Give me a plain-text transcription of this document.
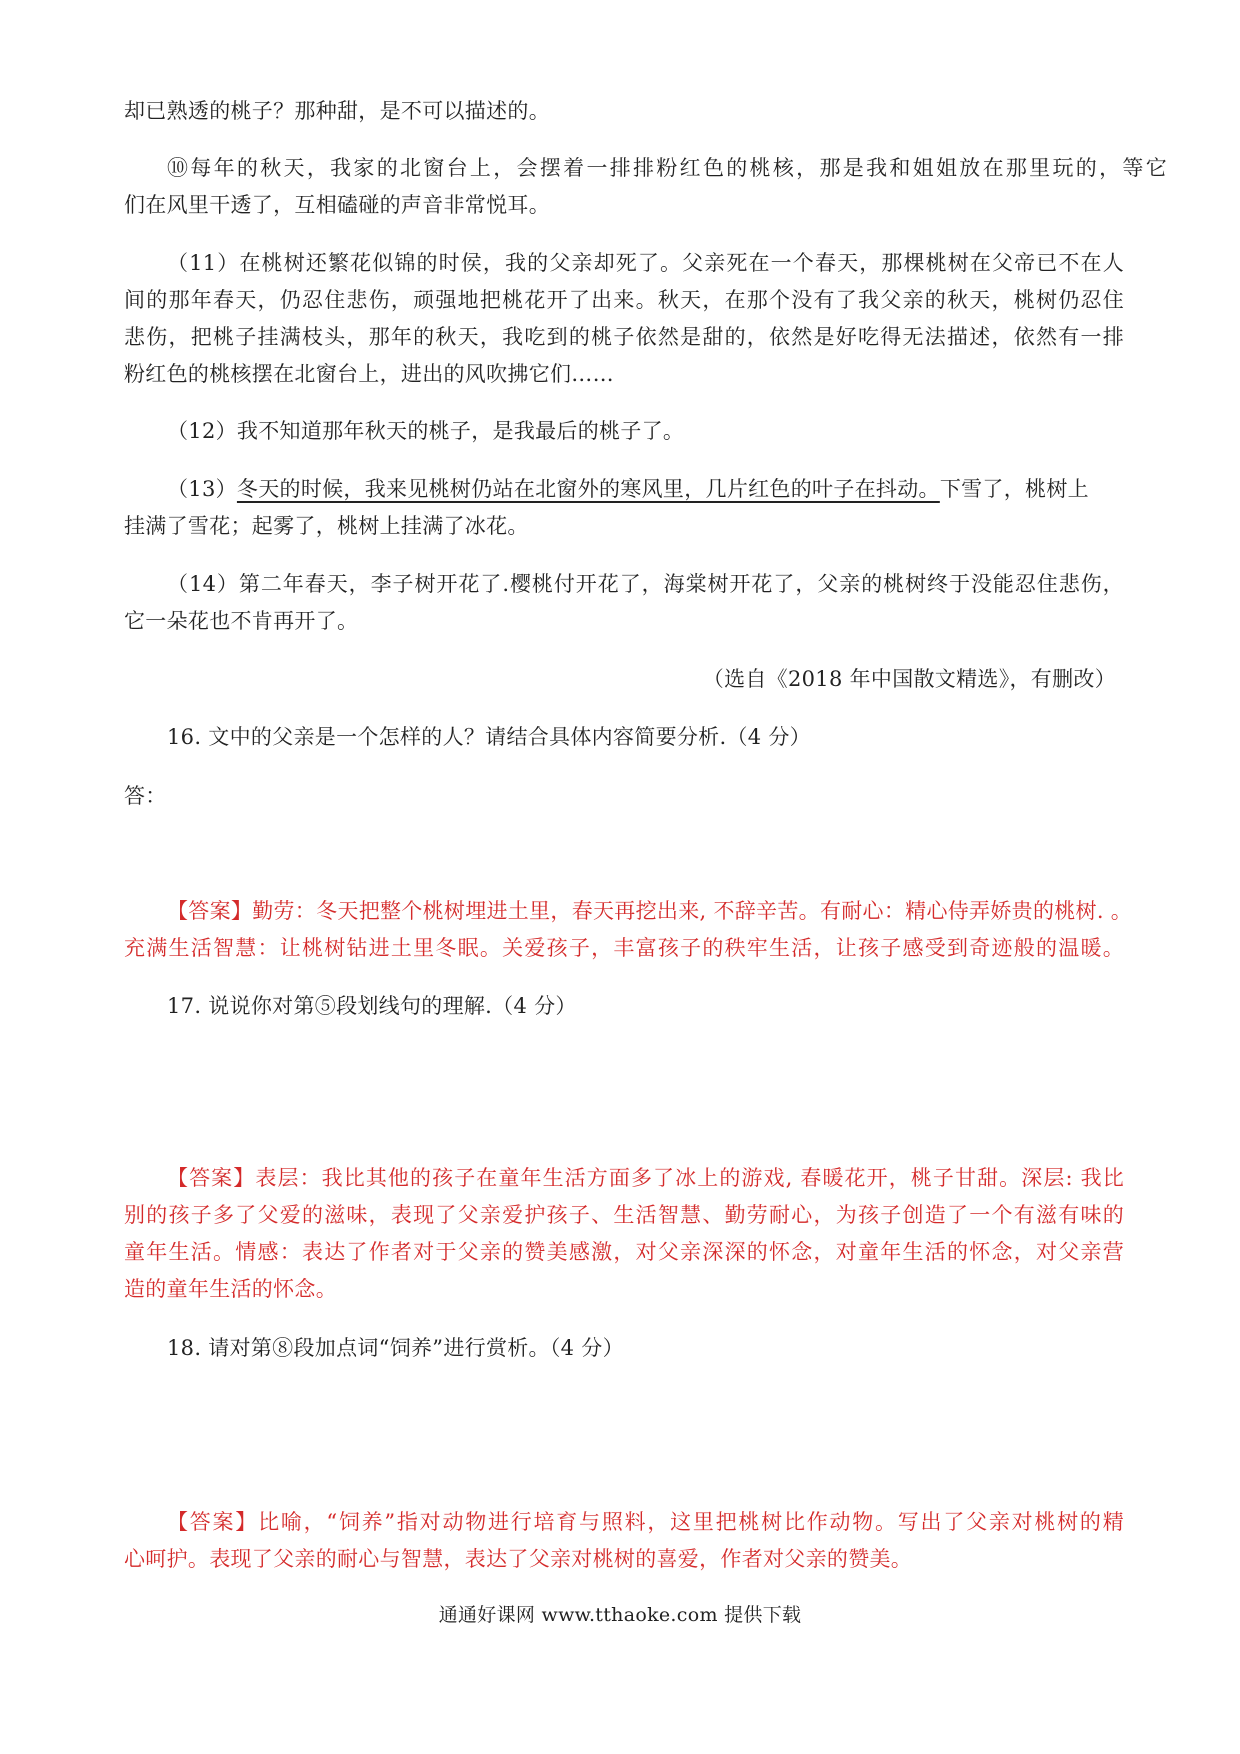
却已熟透的桃子？那种甜，是不可以描述的。
⑩每年的秋天，我家的北窗台上，会摆着一排排粉红色的桃核，那是我和姐姐放在那里玩的，等它
们在风里干透了，互相磕碰的声音非常悦耳。
（11）在桃树还繁花似锦的时侯，我的父亲却死了。父亲死在一个春天，那棵桃树在父帝已不在人
间的那年春天，仍忍住悲伤，顽强地把桃花开了出来。秋天，在那个没有了我父亲的秋天，桃树仍忍住
悲伤，把桃子挂满枝头，那年的秋天，我吃到的桃子依然是甜的，依然是好吃得无法描述，依然有一排
粉红色的桃核摆在北窗台上，进出的风吹拂它们……
（12）我不知道那年秋天的桃子，是我最后的桃子了。
（13）冬天的时候，我来见桃树仍站在北窗外的寒风里，几片红色的叶子在抖动。下雪了，桃树上
挂满了雪花；起雾了，桃树上挂满了冰花。
（14）第二年春天，李子树开花了.樱桃付开花了，海棠树开花了，父亲的桃树终于没能忍住悲伤，
它一朵花也不肯再开了。
（选自《2018 年中国散文精选》，有删改）
16. 文中的父亲是一个怎样的人？请结合具体内容简要分析.（4 分）
答：
【答案】勤劳：冬天把整个桃树埋进土里，春天再挖出来, 不辞辛苦。有耐心：精心侍弄娇贵的桃树. 。
充满生活智慧：让桃树钻进土里冬眠。关爱孩子，丰富孩子的秩牢生活，让孩子感受到奇迹般的温暖。
17. 说说你对第⑤段划线句的理解.（4 分）
【答案】表层：我比其他的孩子在童年生活方面多了冰上的游戏, 春暖花开，桃子甘甜。深层: 我比
别的孩子多了父爱的滋味，表现了父亲爱护孩子、生活智慧、勤劳耐心，为孩子创造了一个有滋有味的
童年生活。情感：表达了作者对于父亲的赞美感激，对父亲深深的怀念，对童年生活的怀念，对父亲营
造的童年生活的怀念。
18. 请对第⑧段加点词“饲养”进行赏析。（4 分）
【答案】比喻，“饲养”指对动物进行培育与照料，这里把桃树比作动物。写出了父亲对桃树的精
心呵护。表现了父亲的耐心与智慧，表达了父亲对桃树的喜爱，作者对父亲的赞美。
通通好课网 www.tthaoke.com 提供下载
